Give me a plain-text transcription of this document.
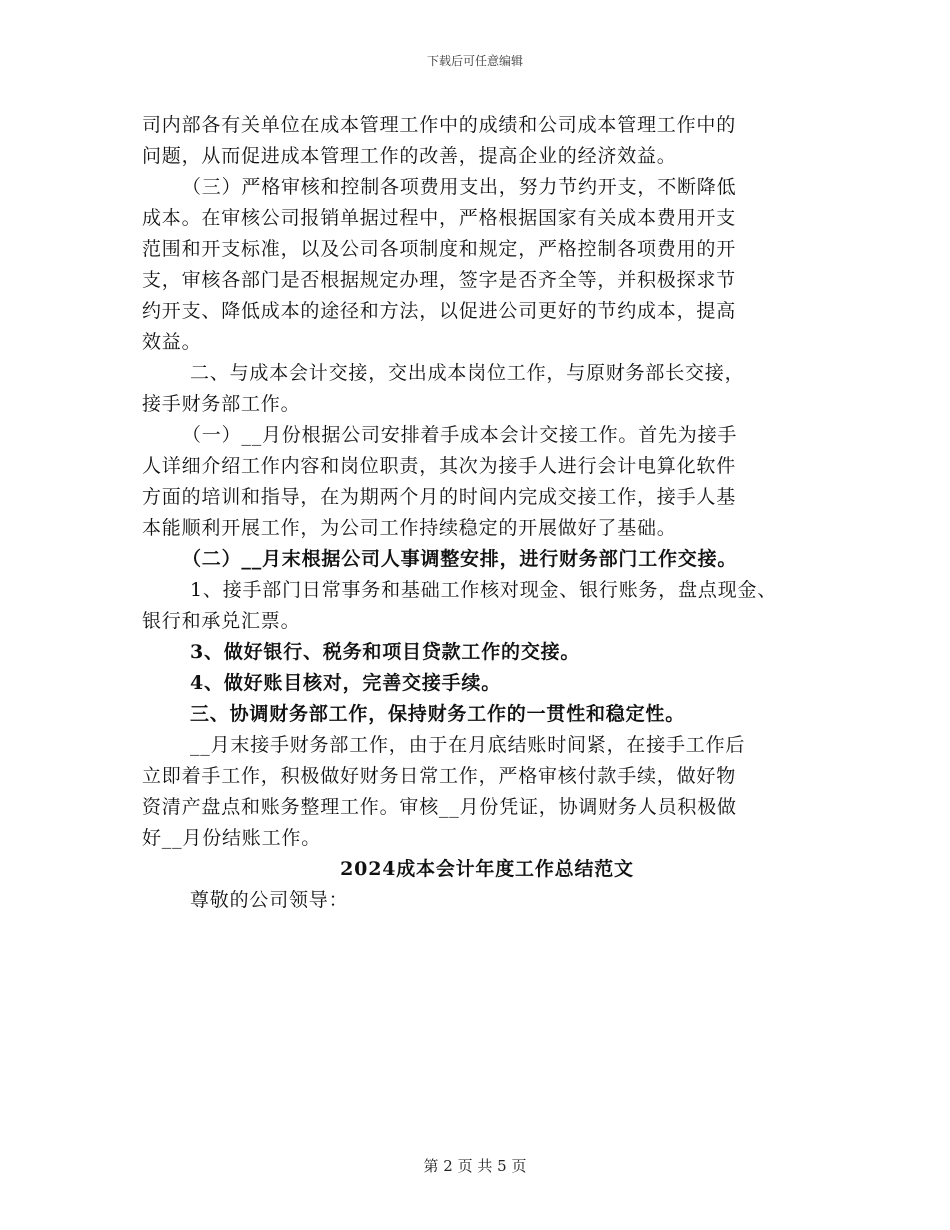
下载后可任意编辑
司内部各有关单位在成本管理工作中的成绩和公司成本管理工作中的
问题，从而促进成本管理工作的改善，提高企业的经济效益。
（三）严格审核和控制各项费用支出，努力节约开支，不断降低
成本。在审核公司报销单据过程中，严格根据国家有关成本费用开支
范围和开支标准，以及公司各项制度和规定，严格控制各项费用的开
支，审核各部门是否根据规定办理，签字是否齐全等，并积极探求节
约开支、降低成本的途径和方法，以促进公司更好的节约成本，提高
效益。
二、与成本会计交接，交出成本岗位工作，与原财务部长交接，
接手财务部工作。
（一）__月份根据公司安排着手成本会计交接工作。首先为接手
人详细介绍工作内容和岗位职责，其次为接手人进行会计电算化软件
方面的培训和指导，在为期两个月的时间内完成交接工作，接手人基
本能顺利开展工作，为公司工作持续稳定的开展做好了基础。
（二）__月末根据公司人事调整安排，进行财务部门工作交接。
1、接手部门日常事务和基础工作核对现金、银行账务，盘点现金、
银行和承兑汇票。
3、做好银行、税务和项目贷款工作的交接。
4、做好账目核对，完善交接手续。
三、协调财务部工作，保持财务工作的一贯性和稳定性。
__月末接手财务部工作，由于在月底结账时间紧，在接手工作后
立即着手工作，积极做好财务日常工作，严格审核付款手续，做好物
资清产盘点和账务整理工作。审核__月份凭证，协调财务人员积极做
好__月份结账工作。
2024成本会计年度工作总结范文
尊敬的公司领导：
第 2 页 共 5 页
